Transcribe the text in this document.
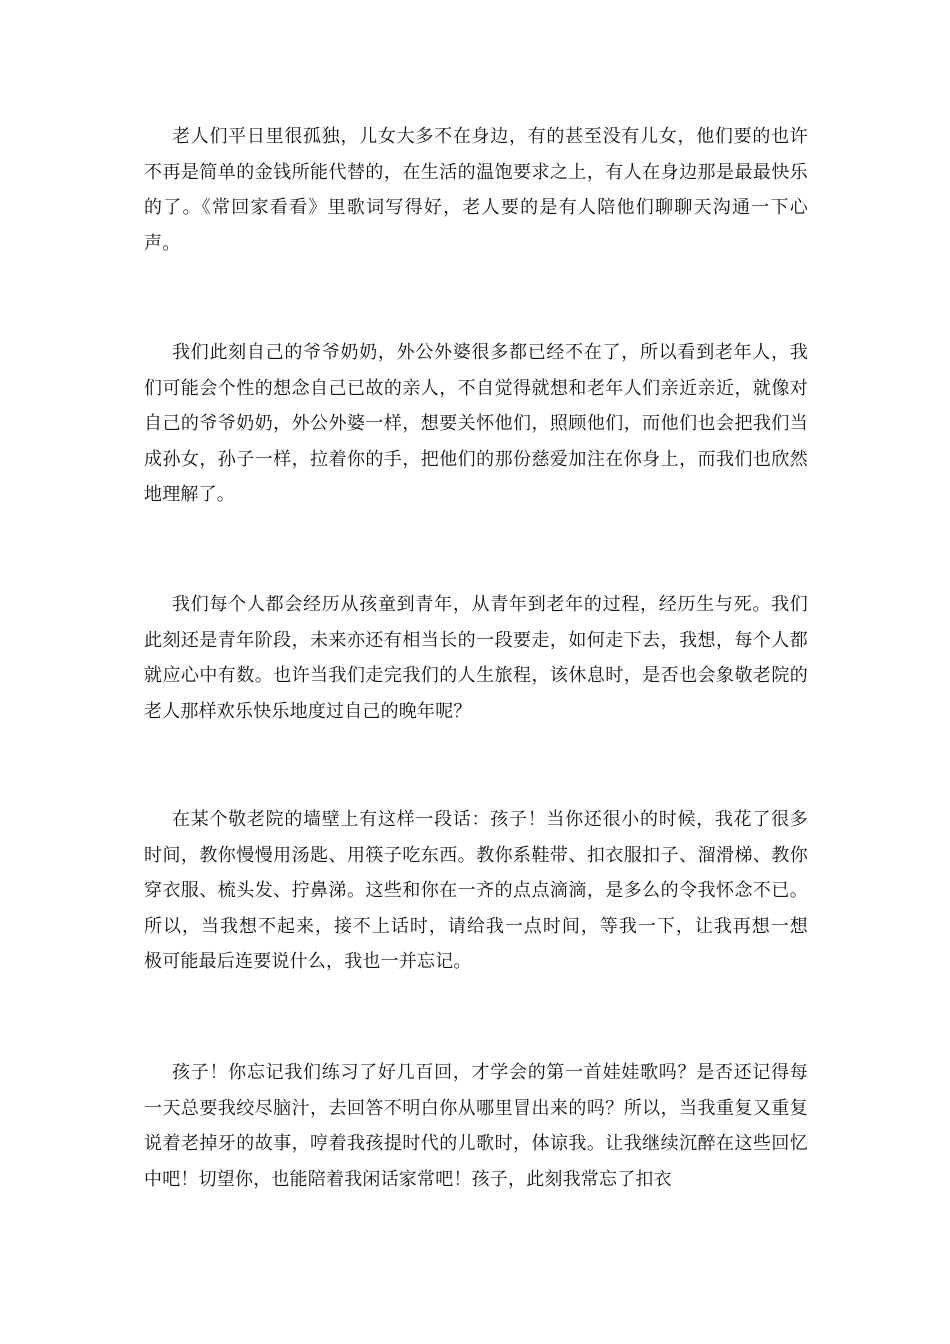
老人们平日里很孤独，儿女大多不在身边，有的甚至没有儿女，他们要的也许不再是简单的金钱所能代替的，在生活的温饱要求之上，有人在身边那是最最快乐的了。《常回家看看》里歌词写得好，老人要的是有人陪他们聊聊天沟通一下心声。

我们此刻自己的爷爷奶奶，外公外婆很多都已经不在了，所以看到老年人，我们可能会个性的想念自己已故的亲人，不自觉得就想和老年人们亲近亲近，就像对自己的爷爷奶奶，外公外婆一样，想要关怀他们，照顾他们，而他们也会把我们当成孙女，孙子一样，拉着你的手，把他们的那份慈爱加注在你身上，而我们也欣然地理解了。

我们每个人都会经历从孩童到青年，从青年到老年的过程，经历生与死。我们此刻还是青年阶段，未来亦还有相当长的一段要走，如何走下去，我想，每个人都就应心中有数。也许当我们走完我们的人生旅程，该休息时，是否也会象敬老院的老人那样欢乐快乐地度过自己的晚年呢？

在某个敬老院的墙壁上有这样一段话：孩子！当你还很小的时候，我花了很多时间，教你慢慢用汤匙、用筷子吃东西。教你系鞋带、扣衣服扣子、溜滑梯、教你穿衣服、梳头发、拧鼻涕。这些和你在一齐的点点滴滴，是多么的令我怀念不已。所以，当我想不起来，接不上话时，请给我一点时间，等我一下，让我再想一想  极可能最后连要说什么，我也一并忘记。

孩子！你忘记我们练习了好几百回，才学会的第一首娃娃歌吗？是否还记得每一天总要我绞尽脑汁，去回答不明白你从哪里冒出来的吗？所以，当我重复又重复说着老掉牙的故事，哼着我孩提时代的儿歌时，体谅我。让我继续沉醉在这些回忆中吧！切望你，也能陪着我闲话家常吧！孩子，此刻我常忘了扣衣
